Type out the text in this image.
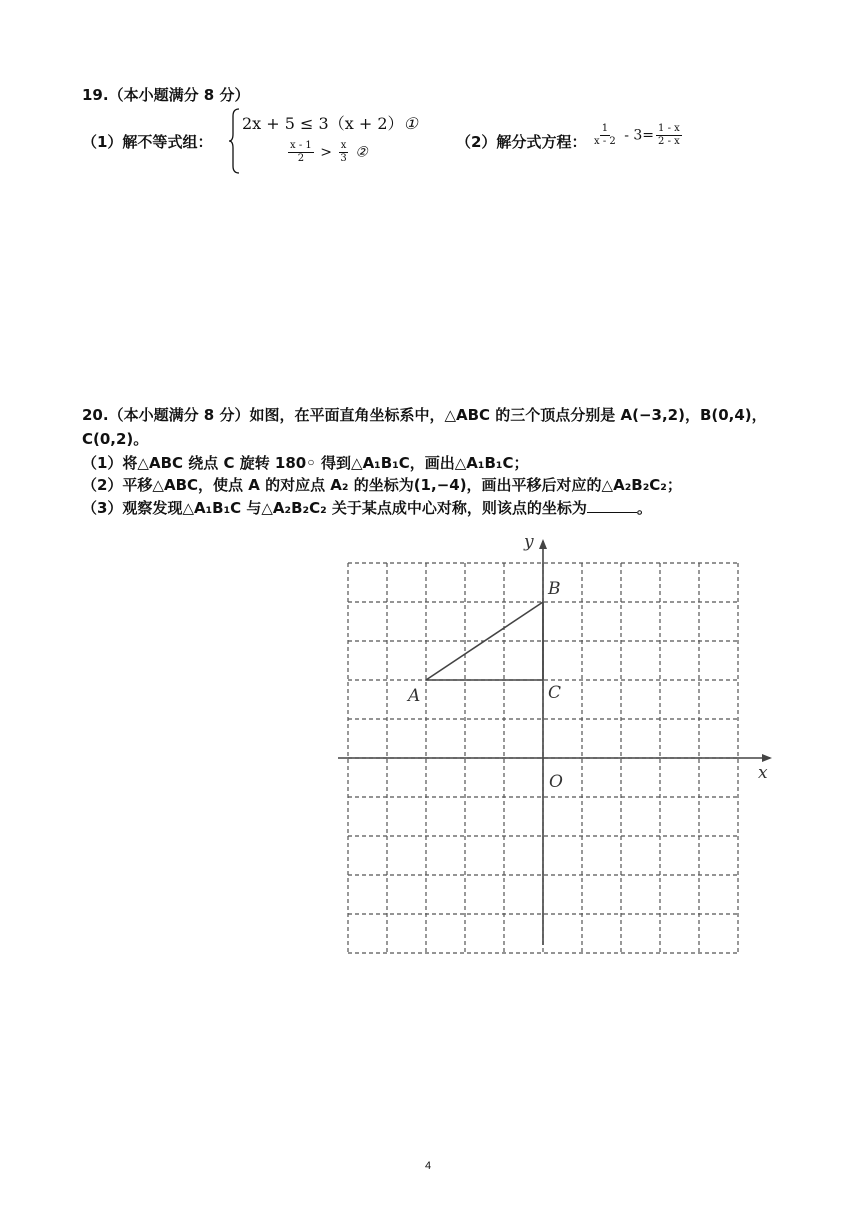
19.（本小题满分 8 分）
（1）解不等式组：
2x + 5 ≤ 3（x + 2）①
$\frac{x - 1}{2} > \frac{x}{3}$ ②
（2）解分式方程： $\frac{1}{x - 2} - 3= \frac{1 - x}{2 - x}$
20.（本小题满分 8 分）如图，在平面直角坐标系中，△ABC 的三个顶点分别是 A(−3,2)，B(0,4)，
C(0,2)。
（1）将△ABC 绕点 C 旋转 180◦ 得到△A₁B₁C，画出△A₁B₁C；
（2）平移△ABC，使点 A 的对应点 A₂ 的坐标为(1,−4)，画出平移后对应的△A₂B₂C₂；
（3）观察发现△A₁B₁C 与△A₂B₂C₂ 关于某点成中心对称，则该点的坐标为	。
x
y
O
A
B
C
4
